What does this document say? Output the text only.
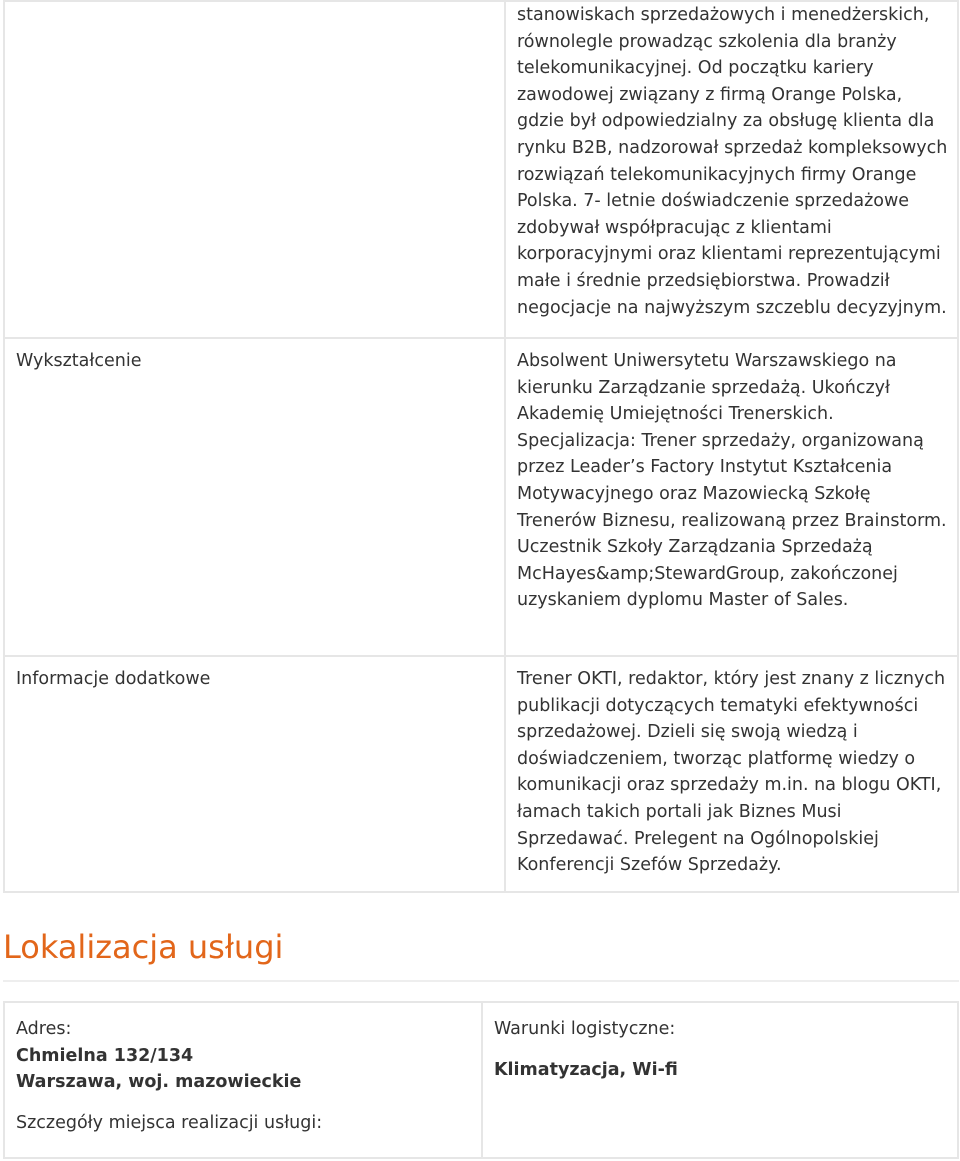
	stanowiskach sprzedażowych i menedżerskich, równolegle prowadząc szkolenia dla branży telekomunikacyjnej. Od początku kariery zawodowej związany z firmą Orange Polska, gdzie był odpowiedzialny za obsługę klienta dla rynku B2B, nadzorował sprzedaż kompleksowych rozwiązań telekomunikacyjnych firmy Orange Polska. 7- letnie doświadczenie sprzedażowe zdobywał współpracując z klientami korporacyjnymi oraz klientami reprezentującymi małe i średnie przedsiębiorstwa. Prowadził negocjacje na najwyższym szczeblu decyzyjnym.
Wykształcenie	Absolwent Uniwersytetu Warszawskiego na kierunku Zarządzanie sprzedażą. Ukończył Akademię Umiejętności Trenerskich. Specjalizacja: Trener sprzedaży, organizowaną przez Leader’s Factory Instytut Kształcenia Motywacyjnego oraz Mazowiecką Szkołę Trenerów Biznesu, realizowaną przez Brainstorm. Uczestnik Szkoły Zarządzania Sprzedażą McHayes&amp;StewardGroup, zakończonej uzyskaniem dyplomu Master of Sales.
Informacje dodatkowe	Trener OKTI, redaktor, który jest znany z licznych publikacji dotyczących tematyki efektywności sprzedażowej. Dzieli się swoją wiedzą i doświadczeniem, tworząc platformę wiedzy o komunikacji oraz sprzedaży m.in. na blogu OKTI, łamach takich portali jak Biznes Musi Sprzedawać. Prelegent na Ogólnopolskiej Konferencji Szefów Sprzedaży.
Lokalizacja usługi
Adres:
Chmielna 132/134
Warszawa, woj. mazowieckie
Szczegóły miejsca realizacji usługi:
Warunki logistyczne:
Klimatyzacja, Wi-fi
